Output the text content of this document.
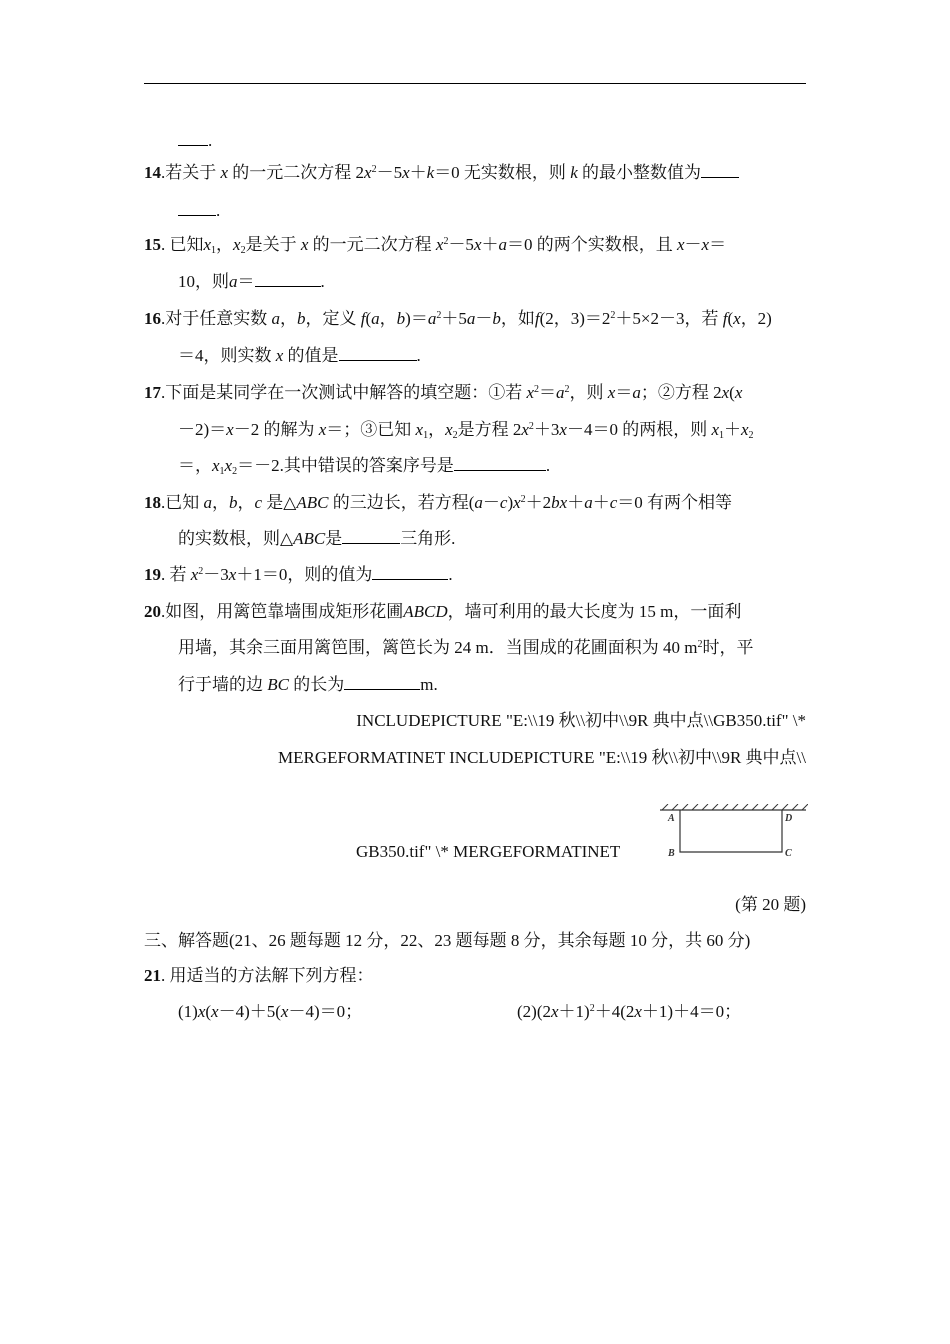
.
14.若关于 x 的一元二次方程 $2x^2-5x+k=0$ 无实数根，则 k 的最小整数值为
.
15. 已知$x_1$，$x_2$是关于 x 的一元二次方程 $x^2-5x+a=0$ 的两个实数根，且 x－x＝
10，则a＝	.
16.对于任意实数 a，b，定义 f(a，$b)=a^2+5a-b$，如f(2，$3)=2^2+5\times 2-3$，若 f(x，2)
＝4，则实数 x 的值是	.
17.下面是某同学在一次测试中解答的填空题：①若 $x^2=a^2$，则 x＝a；②方程 2x(x
－2)＝x－2 的解为 x＝；③已知 $x_1$，$x_2$是方程 $2x^2+3x-4=0$ 的两根，则 $x_1+x_2$
＝，$x_1x_2=-2$.其中错误的答案序号是	.
18.已知 a，b，c 是△ABC 的三边长，若方程$(a-c)x^2+2bx+a+c=0$ 有两个相等
的实数根，则△ABC是	三角形.
19. 若 $x^2-3x+1=0$，则的值为	.
20.如图，用篱笆靠墙围成矩形花圃ABCD，墙可利用的最大长度为 15 m，一面利
用墙，其余三面用篱笆围，篱笆长为 24 m．当围成的花圃面积为 40 $m^2$时，平
行于墙的边 BC 的长为	m.
INCLUDEPICTURE "E:\\19 秋\\初中\\9R 典中点\\GB350.tif" \*
MERGEFORMATINET INCLUDEPICTURE "E:\\19 秋\\初中\\9R 典中点\\
GB350.tif" \* MERGEFORMATINET
A
B	C
D
(第 20 题)
三、解答题(21、26 题每题 12 分，22、23 题每题 8 分，其余每题 10 分，共 60 分)
21. 用适当的方法解下列方程：
(1)x(x－4)＋5(x－4)＝0；	$(2)(2x+1)^2+4(2x+1)+4=0$；
